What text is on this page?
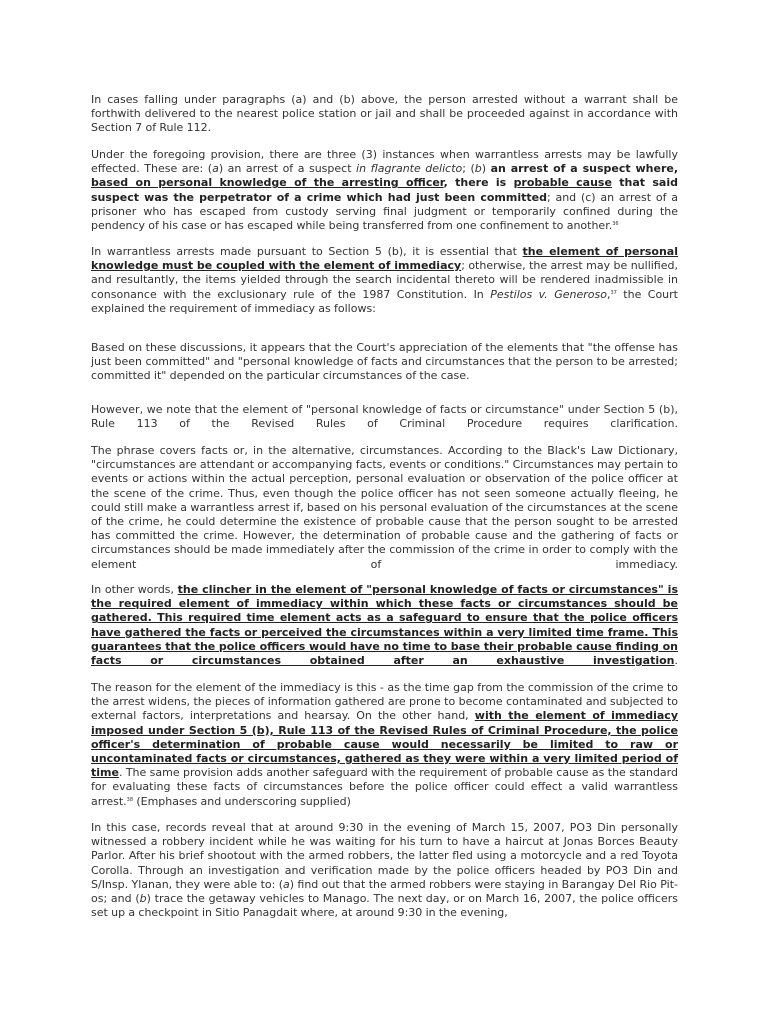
In cases falling under paragraphs (a) and (b) above, the person arrested without a warrant shall be forthwith delivered to the nearest police station or jail and shall be proceeded against in accordance with Section 7 of Rule 112.

Under the foregoing provision, there are three (3) instances when warrantless arrests may be lawfully effected. These are: (a) an arrest of a suspect in flagrante delicto; (b) an arrest of a suspect where, based on personal knowledge of the arresting officer, there is probable cause that said suspect was the perpetrator of a crime which had just been committed; and (c) an arrest of a prisoner who has escaped from custody serving final judgment or temporarily confined during the pendency of his case or has escaped while being transferred from one confinement to another.$^{36}$

In warrantless arrests made pursuant to Section 5 (b), it is essential that the element of personal knowledge must be coupled with the element of immediacy; otherwise, the arrest may be nullified, and resultantly, the items yielded through the search incidental thereto will be rendered inadmissible in consonance with the exclusionary rule of the 1987 Constitution. In Pestilos v. Generoso,$^{37}$ the Court explained the requirement of immediacy as follows:

Based on these discussions, it appears that the Court's appreciation of the elements that "the offense has just been committed" and "personal knowledge of facts and circumstances that the person to be arrested; committed it" depended on the particular circumstances of the case.

However, we note that the element of "personal knowledge of facts or circumstance" under Section 5 (b), Rule 113 of the Revised Rules of Criminal Procedure requires clarification.

The phrase covers facts or, in the alternative, circumstances. According to the Black's Law Dictionary, "circumstances are attendant or accompanying facts, events or conditions." Circumstances may pertain to events or actions within the actual perception, personal evaluation or observation of the police officer at the scene of the crime. Thus, even though the police officer has not seen someone actually fleeing, he could still make a warrantless arrest if, based on his personal evaluation of the circumstances at the scene of the crime, he could determine the existence of probable cause that the person sought to be arrested has committed the crime. However, the determination of probable cause and the gathering of facts or circumstances should be made immediately after the commission of the crime in order to comply with the element of immediacy.

In other words, the clincher in the element of "personal knowledge of facts or circumstances" is the required element of immediacy within which these facts or circumstances should be gathered. This required time element acts as a safeguard to ensure that the police officers have gathered the facts or perceived the circumstances within a very limited time frame. This guarantees that the police officers would have no time to base their probable cause finding on facts or circumstances obtained after an exhaustive investigation.

The reason for the element of the immediacy is this - as the time gap from the commission of the crime to the arrest widens, the pieces of information gathered are prone to become contaminated and subjected to external factors, interpretations and hearsay. On the other hand, with the element of immediacy imposed under Section 5 (b), Rule 113 of the Revised Rules of Criminal Procedure, the police officer's determination of probable cause would necessarily be limited to raw or uncontaminated facts or circumstances, gathered as they were within a very limited period of time. The same provision adds another safeguard with the requirement of probable cause as the standard for evaluating these facts of circumstances before the police officer could effect a valid warrantless arrest.$^{38}$ (Emphases and underscoring supplied)

In this case, records reveal that at around 9:30 in the evening of March 15, 2007, PO3 Din personally witnessed a robbery incident while he was waiting for his turn to have a haircut at Jonas Borces Beauty Parlor. After his brief shootout with the armed robbers, the latter fled using a motorcycle and a red Toyota Corolla. Through an investigation and verification made by the police officers headed by PO3 Din and S/Insp. Ylanan, they were able to: (a) find out that the armed robbers were staying in Barangay Del Rio Pit-os; and (b) trace the getaway vehicles to Manago. The next day, or on March 16, 2007, the police officers set up a checkpoint in Sitio Panagdait where, at around 9:30 in the evening,
